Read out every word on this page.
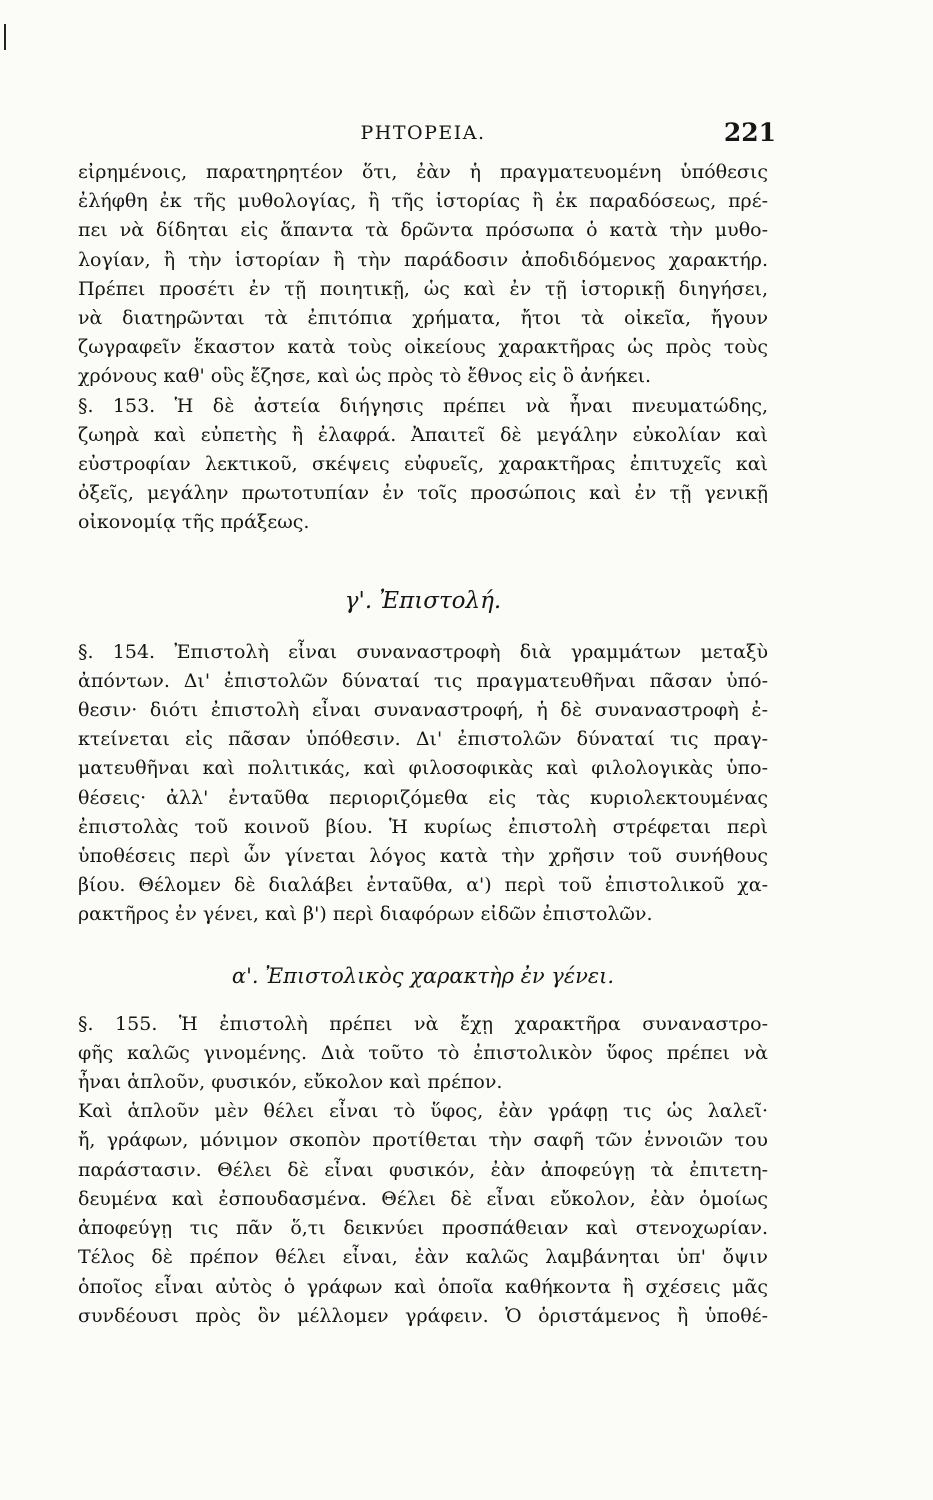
ΡΗΤΟΡΕΙΑ.	221
εἰρημένοις, παρατηρητέον ὅτι, ἐὰν ἡ πραγματευομένη ὑπόθεσις
ἐλήφθη ἐκ τῆς μυθολογίας, ἢ τῆς ἱστορίας ἢ ἐκ παραδόσεως, πρέ-
πει νὰ δίδηται εἰς ἅπαντα τὰ δρῶντα πρόσωπα ὁ κατὰ τὴν μυθο-
λογίαν, ἢ τὴν ἱστορίαν ἢ τὴν παράδοσιν ἀποδιδόμενος χαρακτήρ.
Πρέπει προσέτι ἐν τῇ ποιητικῇ, ὡς καὶ ἐν τῇ ἱστορικῇ διηγήσει,
νὰ διατηρῶνται τὰ ἐπιτόπια χρήματα, ἤτοι τὰ οἰκεῖα, ἤγουν
ζωγραφεῖν ἕκαστον κατὰ τοὺς οἰκείους χαρακτῆρας ὡς πρὸς τοὺς
χρόνους καθ' οὓς ἔζησε, καὶ ὡς πρὸς τὸ ἔθνος εἰς ὃ ἀνήκει.
§. 153. Ἡ δὲ ἀστεία διήγησις πρέπει νὰ ἦναι πνευματώδης,
ζωηρὰ καὶ εὐπετὴς ἢ ἐλαφρά. Ἀπαιτεῖ δὲ μεγάλην εὐκολίαν καὶ
εὐστροφίαν λεκτικοῦ, σκέψεις εὐφυεῖς, χαρακτῆρας ἐπιτυχεῖς καὶ
ὀξεῖς, μεγάλην πρωτοτυπίαν ἐν τοῖς προσώποις καὶ ἐν τῇ γενικῇ
οἰκονομίᾳ τῆς πράξεως.
γ'. Ἐπιστολή.
§. 154. Ἐπιστολὴ εἶναι συναναστροφὴ διὰ γραμμάτων μεταξὺ
ἀπόντων. Δι' ἐπιστολῶν δύναταί τις πραγματευθῆναι πᾶσαν ὑπό-
θεσιν· διότι ἐπιστολὴ εἶναι συναναστροφή, ἡ δὲ συναναστροφὴ ἐ-
κτείνεται εἰς πᾶσαν ὑπόθεσιν. Δι' ἐπιστολῶν δύναταί τις πραγ-
ματευθῆναι καὶ πολιτικάς, καὶ φιλοσοφικὰς καὶ φιλολογικὰς ὑπο-
θέσεις· ἀλλ' ἐνταῦθα περιοριζόμεθα εἰς τὰς κυριολεκτουμένας
ἐπιστολὰς τοῦ κοινοῦ βίου. Ἡ κυρίως ἐπιστολὴ στρέφεται περὶ
ὑποθέσεις περὶ ὧν γίνεται λόγος κατὰ τὴν χρῆσιν τοῦ συνήθους
βίου. Θέλομεν δὲ διαλάβει ἐνταῦθα, α') περὶ τοῦ ἐπιστολικοῦ χα-
ρακτῆρος ἐν γένει, καὶ β') περὶ διαφόρων εἰδῶν ἐπιστολῶν.
α'. Ἐπιστολικὸς χαρακτὴρ ἐν γένει.
§. 155. Ἡ ἐπιστολὴ πρέπει νὰ ἔχῃ χαρακτῆρα συναναστρο-
φῆς καλῶς γινομένης. Διὰ τοῦτο τὸ ἐπιστολικὸν ὕφος πρέπει νὰ
ἦναι ἁπλοῦν, φυσικόν, εὔκολον καὶ πρέπον.
Καὶ ἁπλοῦν μὲν θέλει εἶναι τὸ ὕφος, ἐὰν γράφῃ τις ὡς λαλεῖ·
ἤ, γράφων, μόνιμον σκοπὸν προτίθεται τὴν σαφῆ τῶν ἐννοιῶν του
παράστασιν. Θέλει δὲ εἶναι φυσικόν, ἐὰν ἀποφεύγῃ τὰ ἐπιτετη-
δευμένα καὶ ἐσπουδασμένα. Θέλει δὲ εἶναι εὔκολον, ἐὰν ὁμοίως
ἀποφεύγῃ τις πᾶν ὅ,τι δεικνύει προσπάθειαν καὶ στενοχωρίαν.
Τέλος δὲ πρέπον θέλει εἶναι, ἐὰν καλῶς λαμβάνηται ὑπ' ὄψιν
ὁποῖος εἶναι αὐτὸς ὁ γράφων καὶ ὁποῖα καθήκοντα ἢ σχέσεις μᾶς
συνδέουσι πρὸς ὃν μέλλομεν γράφειν. Ὁ ὁριστάμενος ἢ ὑποθέ-
